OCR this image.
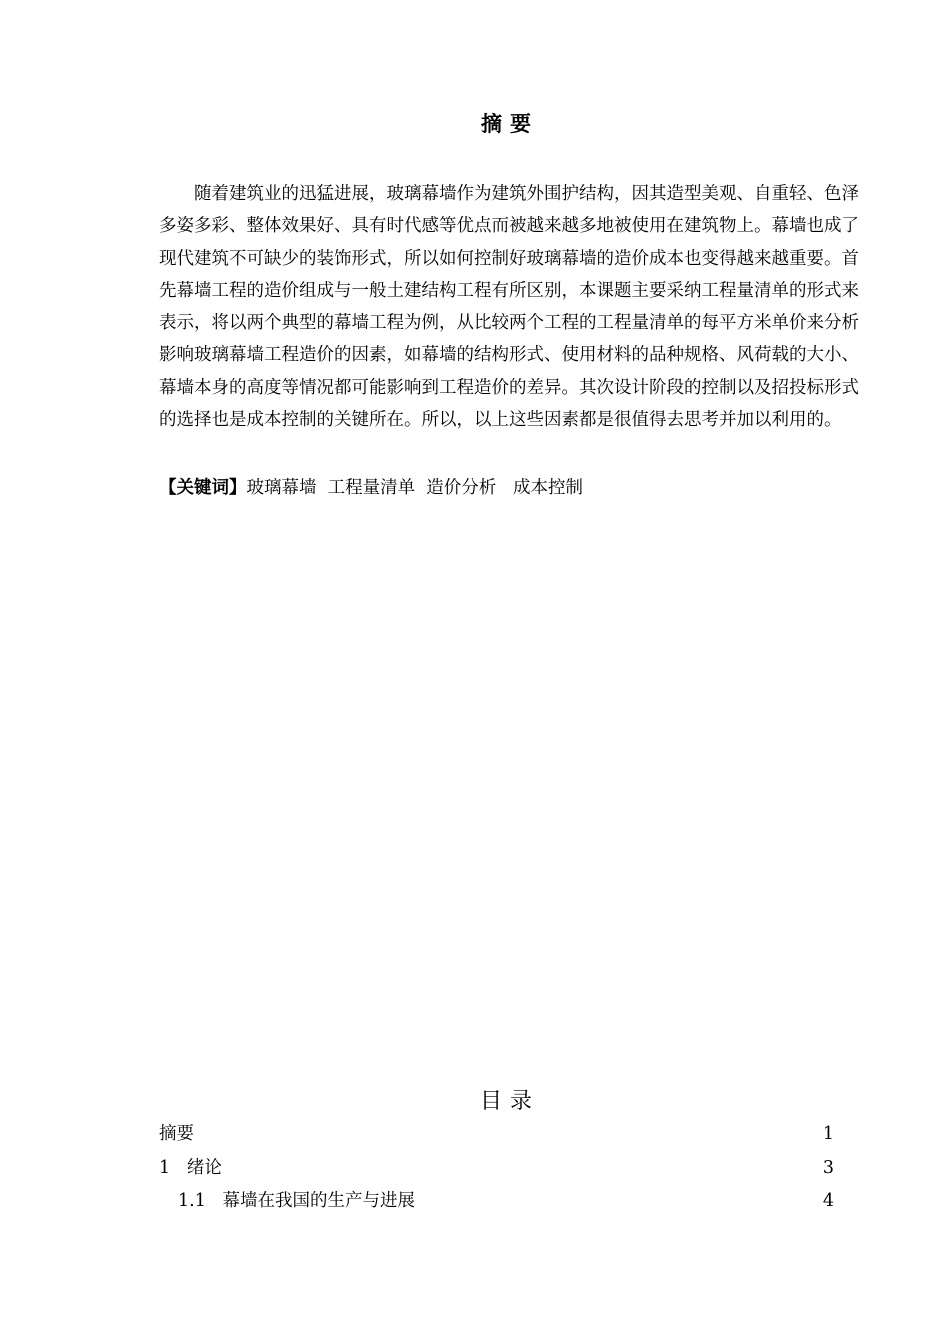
摘要

随着建筑业的迅猛进展，玻璃幕墙作为建筑外围护结构，因其造型美观、自重轻、色泽多姿多彩、整体效果好、具有时代感等优点而被越来越多地被使用在建筑物上。幕墙也成了现代建筑不可缺少的装饰形式，所以如何控制好玻璃幕墙的造价成本也变得越来越重要。首先幕墙工程的造价组成与一般土建结构工程有所区别，本课题主要采纳工程量清单的形式来表示，将以两个典型的幕墙工程为例，从比较两个工程的工程量清单的每平方米单价来分析影响玻璃幕墙工程造价的因素，如幕墙的结构形式、使用材料的品种规格、风荷载的大小、幕墙本身的高度等情况都可能影响到工程造价的差异。其次设计阶段的控制以及招投标形式的选择也是成本控制的关键所在。所以，以上这些因素都是很值得去思考并加以利用的。

【关键词】玻璃幕墙  工程量清单  造价分析   成本控制
目录
摘要	1
1   绪论	3
1.1   幕墙在我国的生产与进展	4
